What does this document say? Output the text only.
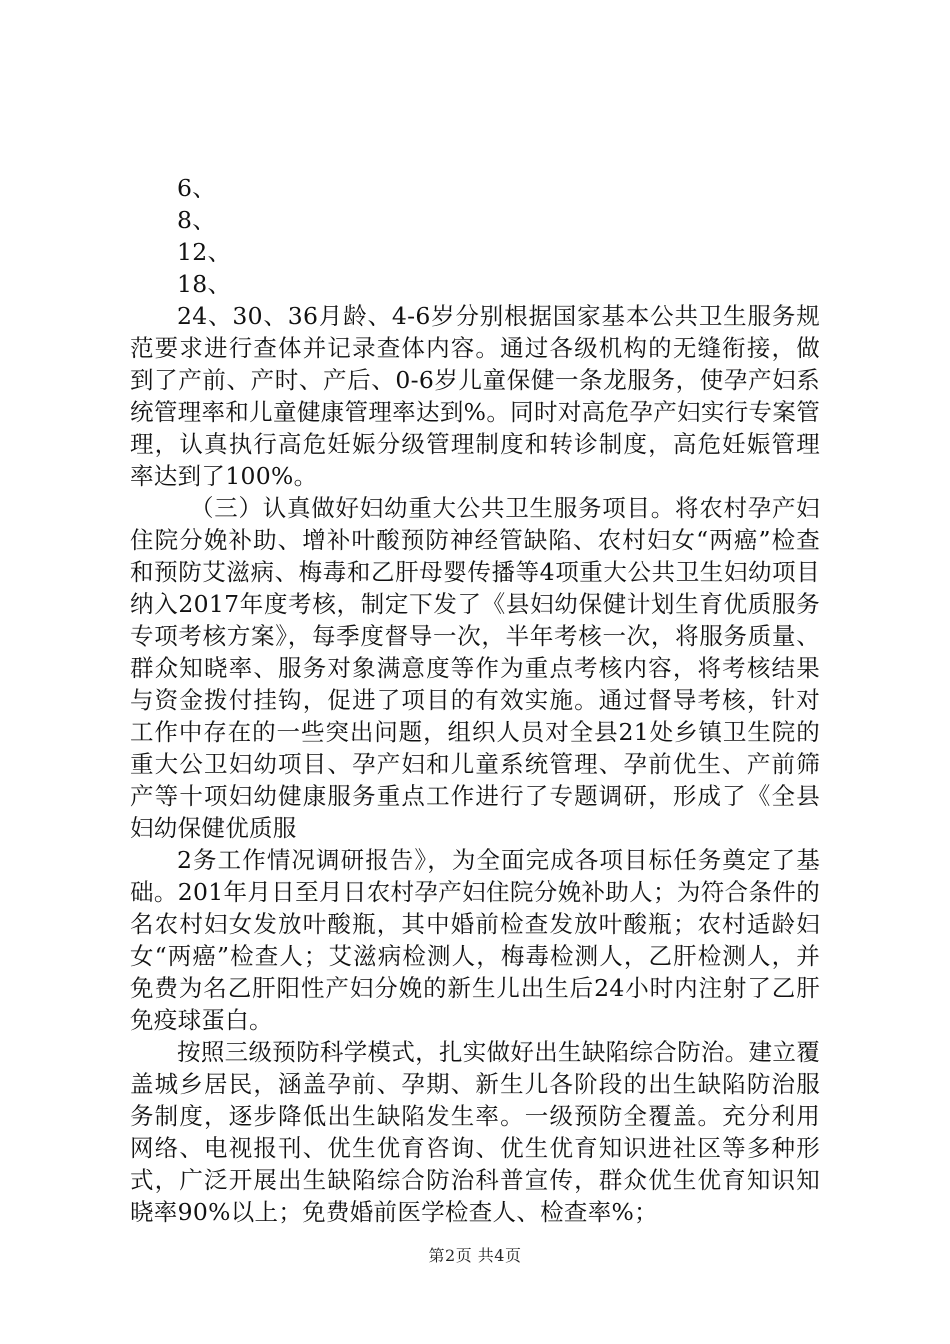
6、

8、

12、

18、

24、30、36月龄、4-6岁分别根据国家基本公共卫生服务规范要求进行查体并记录查体内容。通过各级机构的无缝衔接，做到了产前、产时、产后、0-6岁儿童保健一条龙服务，使孕产妇系统管理率和儿童健康管理率达到%。同时对高危孕产妇实行专案管理，认真执行高危妊娠分级管理制度和转诊制度，高危妊娠管理率达到了100%。

（三）认真做好妇幼重大公共卫生服务项目。将农村孕产妇住院分娩补助、增补叶酸预防神经管缺陷、农村妇女“两癌”检查和预防艾滋病、梅毒和乙肝母婴传播等4项重大公共卫生妇幼项目纳入2017年度考核，制定下发了《县妇幼保健计划生育优质服务专项考核方案》，每季度督导一次，半年考核一次，将服务质量、群众知晓率、服务对象满意度等作为重点考核内容，将考核结果与资金拨付挂钩，促进了项目的有效实施。通过督导考核，针对工作中存在的一些突出问题，组织人员对全县21处乡镇卫生院的重大公卫妇幼项目、孕产妇和儿童系统管理、孕前优生、产前筛产等十项妇幼健康服务重点工作进行了专题调研，形成了《全县妇幼保健优质服

2务工作情况调研报告》，为全面完成各项目标任务奠定了基础。201年月日至月日农村孕产妇住院分娩补助人；为符合条件的名农村妇女发放叶酸瓶，其中婚前检查发放叶酸瓶；农村适龄妇女“两癌”检查人；艾滋病检测人，梅毒检测人，乙肝检测人，并免费为名乙肝阳性产妇分娩的新生儿出生后24小时内注射了乙肝免疫球蛋白。

按照三级预防科学模式，扎实做好出生缺陷综合防治。建立覆盖城乡居民，涵盖孕前、孕期、新生儿各阶段的出生缺陷防治服务制度，逐步降低出生缺陷发生率。一级预防全覆盖。充分利用网络、电视报刊、优生优育咨询、优生优育知识进社区等多种形式，广泛开展出生缺陷综合防治科普宣传，群众优生优育知识知晓率90%以上；免费婚前医学检查人、检查率%；

第2页 共4页
